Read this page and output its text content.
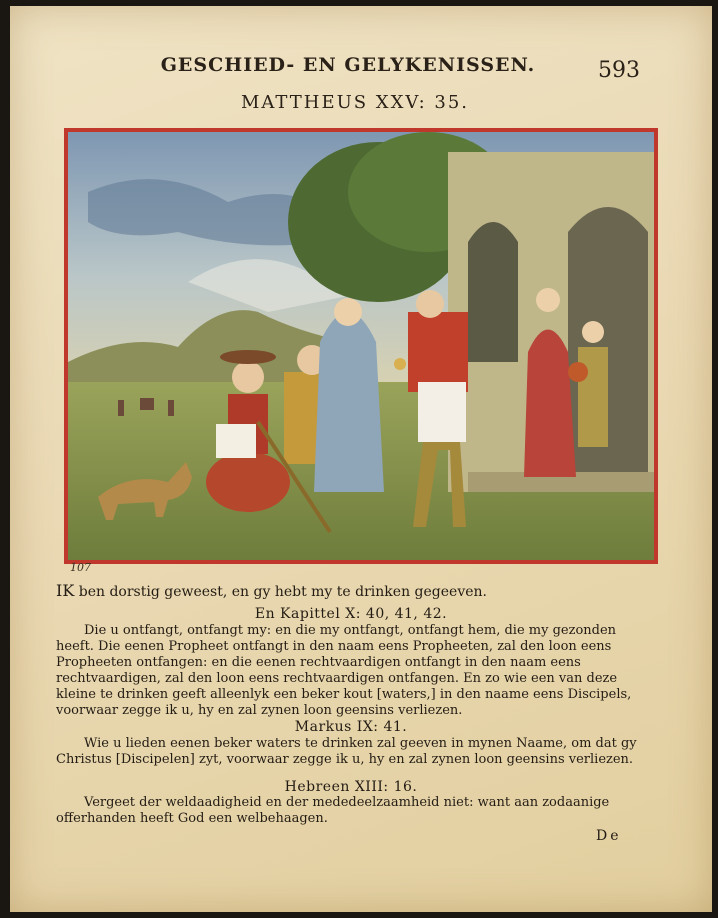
GESCHIED- EN GELYKENISSEN.	593
MATTHEUS XXV: 35.
107
IK ben dorstig geweest, en gy hebt my te drinken gegeeven.
En Kapittel X: 40, 41, 42.
Die u ontfangt, ontfangt my: en die my ontfangt, ontfangt hem, die my gezonden heeft. Die eenen Propheet ontfangt in den naam eens Propheeten, zal den loon eens Propheeten ontfangen: en die eenen rechtvaardigen ontfangt in den naam eens rechtvaardigen, zal den loon eens rechtvaardigen ontfangen. En zo wie een van deze kleine te drinken geeft alleenlyk een beker kout [waters,] in den naame eens Discipels, voorwaar zegge ik u, hy en zal zynen loon geensins verliezen.
Markus IX: 41.
Wie u lieden eenen beker waters te drinken zal geeven in mynen Naame, om dat gy Christus [Discipelen] zyt, voorwaar zegge ik u, hy en zal zynen loon geensins verliezen.
Hebreen XIII: 16.
Vergeet der weldaadigheid en der mededeelzaamheid niet: want aan zodaanige offerhanden heeft God een welbehaagen.
De
